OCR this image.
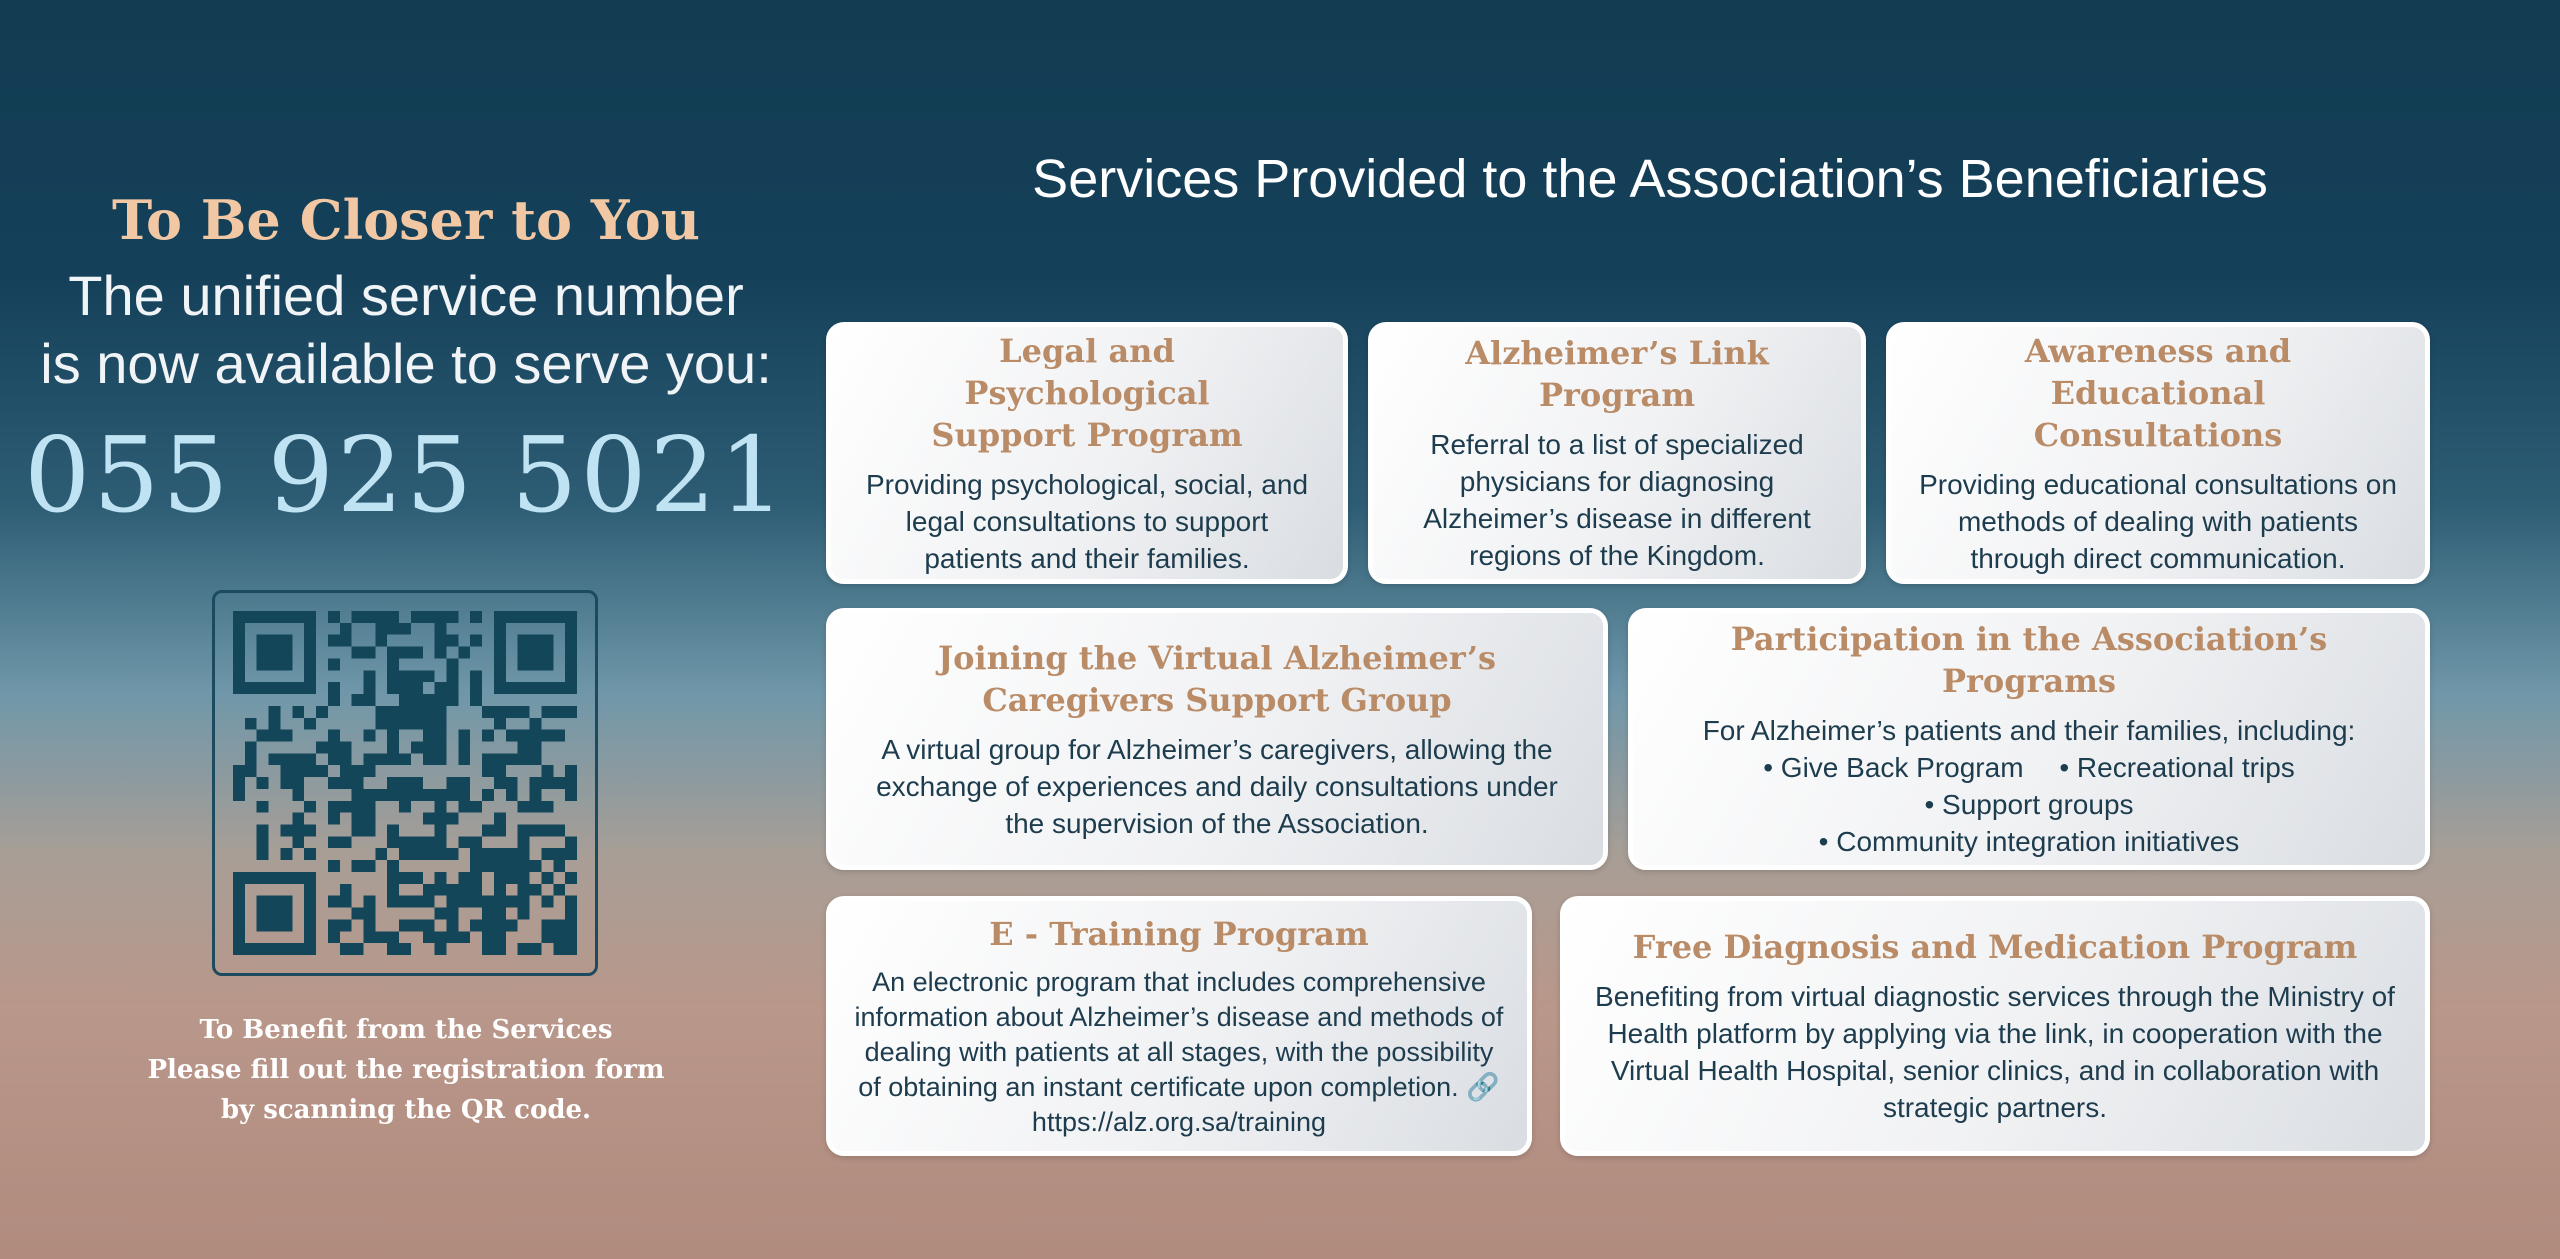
To Be Closer to You
The unified service number
is now available to serve you:
055 925 5021
To Benefit from the Services
Please fill out the registration form
by scanning the QR code.
Services Provided to the Association’s Beneficiaries
Legal and Psychological Support Program

Providing psychological, social, and legal consultations to support patients and their families.

Alzheimer’s Link Program

Referral to a list of specialized physicians for diagnosing Alzheimer’s disease in different regions of the Kingdom.

Awareness and Educational Consultations

Providing educational consultations on methods of dealing with patients through direct communication.

Joining the Virtual Alzheimer’s Caregivers Support Group

A virtual group for Alzheimer’s caregivers, allowing the exchange of experiences and daily consultations under the supervision of the Association.

Participation in the Association’s Programs

For Alzheimer’s patients and their families, including:

• Give Back Program • Recreational trips
• Support groups
• Community integration initiatives
E - Training Program

An electronic program that includes comprehensive information about Alzheimer’s disease and methods of dealing with patients at all stages, with the possibility of obtaining an instant certificate upon completion. 🔗 https://alz.org.sa/training

Free Diagnosis and Medication Program

Benefiting from virtual diagnostic services through the Ministry of Health platform by applying via the link, in cooperation with the Virtual Health Hospital, senior clinics, and in collaboration with strategic partners.
